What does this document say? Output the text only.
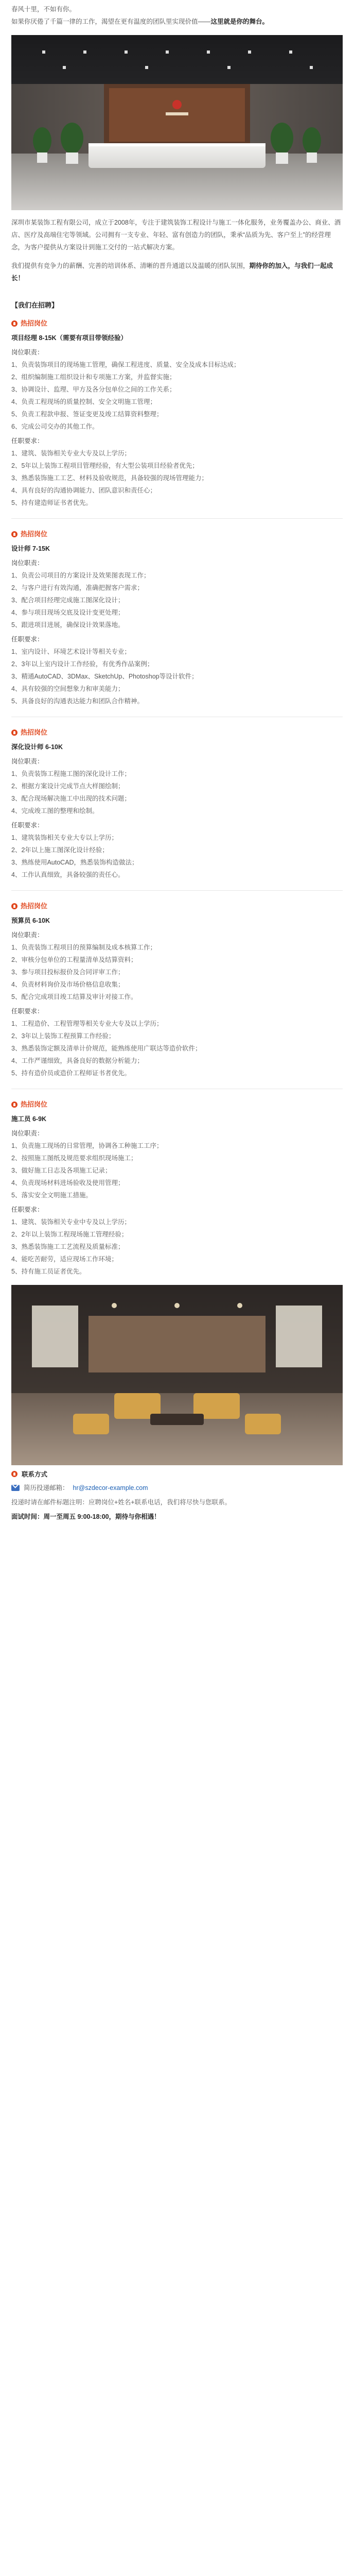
春风十里，不如有你。

如果你厌倦了千篇一律的工作，渴望在更有温度的团队里实现价值——这里就是你的舞台。

深圳市某装饰工程有限公司，成立于2008年，专注于建筑装饰工程设计与施工一体化服务，业务覆盖办公、商业、酒店、医疗及高端住宅等领域。公司拥有一支专业、年轻、富有创造力的团队，秉承“品质为先、客户至上”的经营理念，为客户提供从方案设计到施工交付的一站式解决方案。

我们提供有竞争力的薪酬、完善的培训体系、清晰的晋升通道以及温暖的团队氛围，期待你的加入，与我们一起成长！

【我们在招聘】
热招岗位

项目经理 8-15K（需要有项目带领经验）

岗位职责：

1、负责装饰项目的现场施工管理，确保工程进度、质量、安全及成本目标达成；

2、组织编制施工组织设计和专项施工方案，并监督实施；

3、协调设计、监理、甲方及各分包单位之间的工作关系；

4、负责工程现场的质量控制、安全文明施工管理；

5、负责工程款申报、签证变更及竣工结算资料整理；

6、完成公司交办的其他工作。

任职要求：

1、建筑、装饰相关专业大专及以上学历；

2、5年以上装饰工程项目管理经验，有大型公装项目经验者优先；

3、熟悉装饰施工工艺、材料及验收规范，具备较强的现场管理能力；

4、具有良好的沟通协调能力、团队意识和责任心；

5、持有建造师证书者优先。

热招岗位

设计师 7-15K

岗位职责：

1、负责公司项目的方案设计及效果图表现工作；

2、与客户进行有效沟通，准确把握客户需求；

3、配合项目经理完成施工图深化设计；

4、参与项目现场交底及设计变更处理；

5、跟进项目进展，确保设计效果落地。

任职要求：

1、室内设计、环境艺术设计等相关专业；

2、3年以上室内设计工作经验，有优秀作品案例；

3、精通AutoCAD、3DMax、SketchUp、Photoshop等设计软件；

4、具有较强的空间想象力和审美能力；

5、具备良好的沟通表达能力和团队合作精神。

热招岗位

深化设计师 6-10K

岗位职责：

1、负责装饰工程施工图的深化设计工作；

2、根据方案设计完成节点大样图绘制；

3、配合现场解决施工中出现的技术问题；

4、完成竣工图的整理和绘制。

任职要求：

1、建筑装饰相关专业大专以上学历；

2、2年以上施工图深化设计经验；

3、熟练使用AutoCAD，熟悉装饰构造做法；

4、工作认真细致，具备较强的责任心。

热招岗位

预算员 6-10K

岗位职责：

1、负责装饰工程项目的预算编制及成本核算工作；

2、审核分包单位的工程量清单及结算资料；

3、参与项目投标报价及合同评审工作；

4、负责材料询价及市场价格信息收集；

5、配合完成项目竣工结算及审计对接工作。

任职要求：

1、工程造价、工程管理等相关专业大专及以上学历；

2、3年以上装饰工程预算工作经验；

3、熟悉装饰定额及清单计价规范，能熟练使用广联达等造价软件；

4、工作严谨细致，具备良好的数据分析能力；

5、持有造价员或造价工程师证书者优先。

热招岗位

施工员 6-9K

岗位职责：

1、负责施工现场的日常管理，协调各工种施工工序；

2、按照施工图纸及规范要求组织现场施工；

3、做好施工日志及各项施工记录；

4、负责现场材料进场验收及使用管理；

5、落实安全文明施工措施。

任职要求：

1、建筑、装饰相关专业中专及以上学历；

2、2年以上装饰工程现场施工管理经验；

3、熟悉装饰施工工艺流程及质量标准；

4、能吃苦耐劳，适应现场工作环境；

5、持有施工员证者优先。

联系方式
简历投递邮箱： hr@szdecor-example.com

投递时请在邮件标题注明：应聘岗位+姓名+联系电话，我们将尽快与您联系。

面试时间：周一至周五 9:00-18:00，期待与你相遇！
